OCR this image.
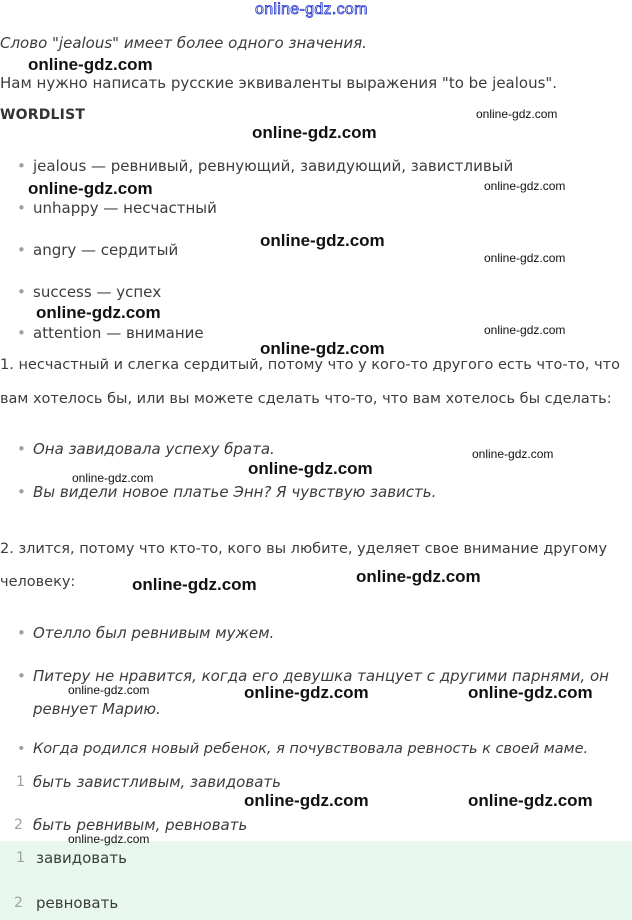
online-gdz.com
Слово "jealous" имеет более одного значения.
Нам нужно написать русские эквиваленты выражения "to be jealous".
WORDLIST
• jealous — ревнивый, ревнующий, завидующий, завистливый
• unhappy — несчастный
• angry — сердитый
• success — успех
• attention — внимание
1. несчастный и слегка сердитый, потому что у кого-то другого есть что-то, что
вам хотелось бы, или вы можете сделать что-то, что вам хотелось бы сделать:
• Она завидовала успеху брата.
• Вы видели новое платье Энн? Я чувствую зависть.
2. злится, потому что кто-то, кого вы любите, уделяет свое внимание другому
человеку:
• Отелло был ревнивым мужем.
• Питеру не нравится, когда его девушка танцует с другими парнями, он
ревнует Марию.
• Когда родился новый ребенок, я почувствовала ревность к своей маме.
1 быть завистливым, завидовать
2 быть ревнивым, ревновать
1 завидовать
2 ревновать
online-gdz.com
online-gdz.com
online-gdz.com
online-gdz.com	online-gdz.com
online-gdz.com
online-gdz.com
online-gdz.com
online-gdz.com
online-gdz.com
online-gdz.com
online-gdz.com
online-gdz.com
online-gdz.com
online-gdz.com
online-gdz.com	online-gdz.com	online-gdz.com
online-gdz.com	online-gdz.com
online-gdz.com
